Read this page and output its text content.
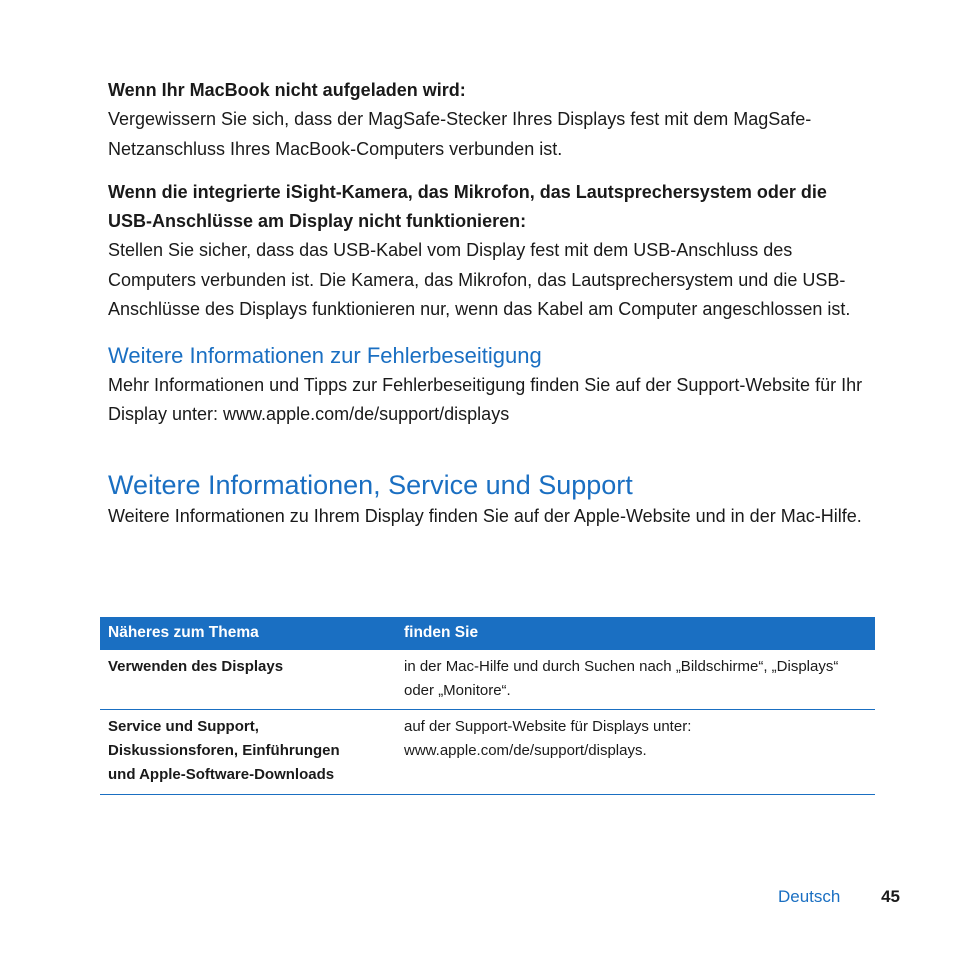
Wenn Ihr MacBook nicht aufgeladen wird:

Vergewissern Sie sich, dass der MagSafe-Stecker Ihres Displays fest mit dem MagSafe-Netzanschluss Ihres MacBook-Computers verbunden ist.

Wenn die integrierte iSight-Kamera, das Mikrofon, das Lautsprechersystem oder die USB-Anschlüsse am Display nicht funktionieren:

Stellen Sie sicher, dass das USB-Kabel vom Display fest mit dem USB-Anschluss des Computers verbunden ist. Die Kamera, das Mikrofon, das Lautsprechersystem und die USB-Anschlüsse des Displays funktionieren nur, wenn das Kabel am Computer angeschlossen ist.

Weitere Informationen zur Fehlerbeseitigung

Mehr Informationen und Tipps zur Fehlerbeseitigung finden Sie auf der Support-Website für Ihr Display unter: www.apple.com/de/support/displays

Weitere Informationen, Service und Support

Weitere Informationen zu Ihrem Display finden Sie auf der Apple-Website und in der Mac-Hilfe.

Näheres zum Thema	finden Sie
Verwenden des Displays	in der Mac-Hilfe und durch Suchen nach „Bildschirme“, „Displays“ oder „Monitore“.
Service und Support, Diskussionsforen, Einführungen und Apple-Software-Downloads	auf der Support-Website für Displays unter: www.apple.com/de/support/displays.
Deutsch 45
